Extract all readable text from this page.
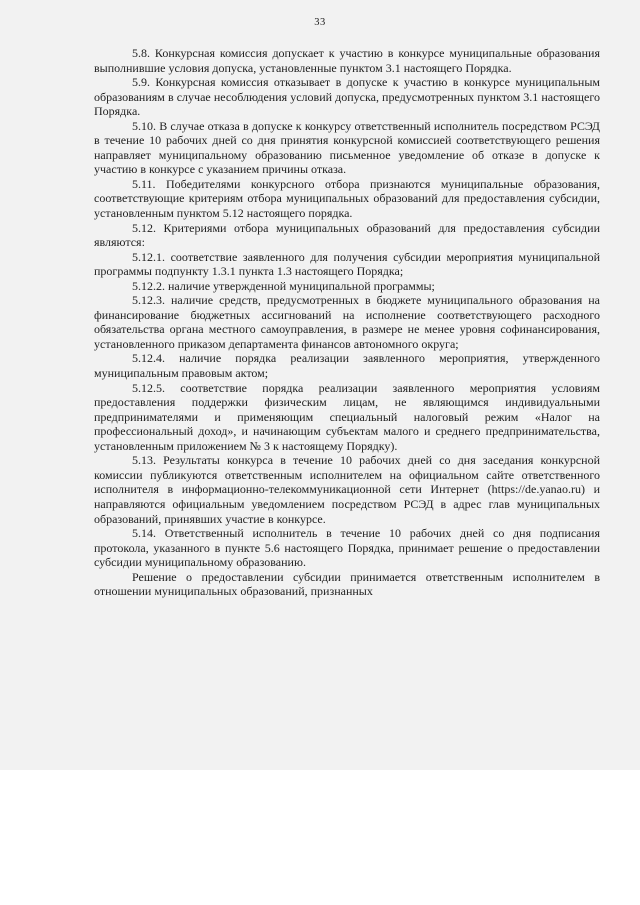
33

5.8. Конкурсная комиссия допускает к участию в конкурсе муниципальные образования выполнившие условия допуска, установленные пунктом 3.1 настоящего Порядка.

5.9. Конкурсная комиссия отказывает в допуске к участию в конкурсе муниципальным образованиям в случае несоблюдения условий допуска, предусмотренных пунктом 3.1 настоящего Порядка.

5.10. В случае отказа в допуске к конкурсу ответственный исполнитель посредством РСЭД в течение 10 рабочих дней со дня принятия конкурсной комиссией соответствующего решения направляет муниципальному образованию письменное уведомление об отказе в допуске к участию в конкурсе с указанием причины отказа.

5.11. Победителями конкурсного отбора признаются муниципальные образования, соответствующие критериям отбора муниципальных образований для предоставления субсидии, установленным пунктом 5.12 настоящего порядка.

5.12. Критериями отбора муниципальных образований для предоставления субсидии являются:

5.12.1. соответствие заявленного для получения субсидии мероприятия муниципальной программы подпункту 1.3.1 пункта 1.3 настоящего Порядка;

5.12.2. наличие утвержденной муниципальной программы;

5.12.3. наличие средств, предусмотренных в бюджете муниципального образования на финансирование бюджетных ассигнований на исполнение соответствующего расходного обязательства органа местного самоуправления, в размере не менее уровня софинансирования, установленного приказом департамента финансов автономного округа;

5.12.4. наличие порядка реализации заявленного мероприятия, утвержденного муниципальным правовым актом;

5.12.5. соответствие порядка реализации заявленного мероприятия условиям предоставления поддержки физическим лицам, не являющимся индивидуальными предпринимателями и применяющим специальный налоговый режим «Налог на профессиональный доход», и начинающим субъектам малого и среднего предпринимательства, установленным приложением № 3 к настоящему Порядку).

5.13. Результаты конкурса в течение 10 рабочих дней со дня заседания конкурсной комиссии публикуются ответственным исполнителем на официальном сайте ответственного исполнителя в информационно-телекоммуникационной сети Интернет (https://de.yanao.ru) и направляются официальным уведомлением посредством РСЭД в адрес глав муниципальных образований, принявших участие в конкурсе.

5.14. Ответственный исполнитель в течение 10 рабочих дней со дня подписания протокола, указанного в пункте 5.6 настоящего Порядка, принимает решение о предоставлении субсидии муниципальному образованию.

Решение о предоставлении субсидии принимается ответственным исполнителем в отношении муниципальных образований, признанных
